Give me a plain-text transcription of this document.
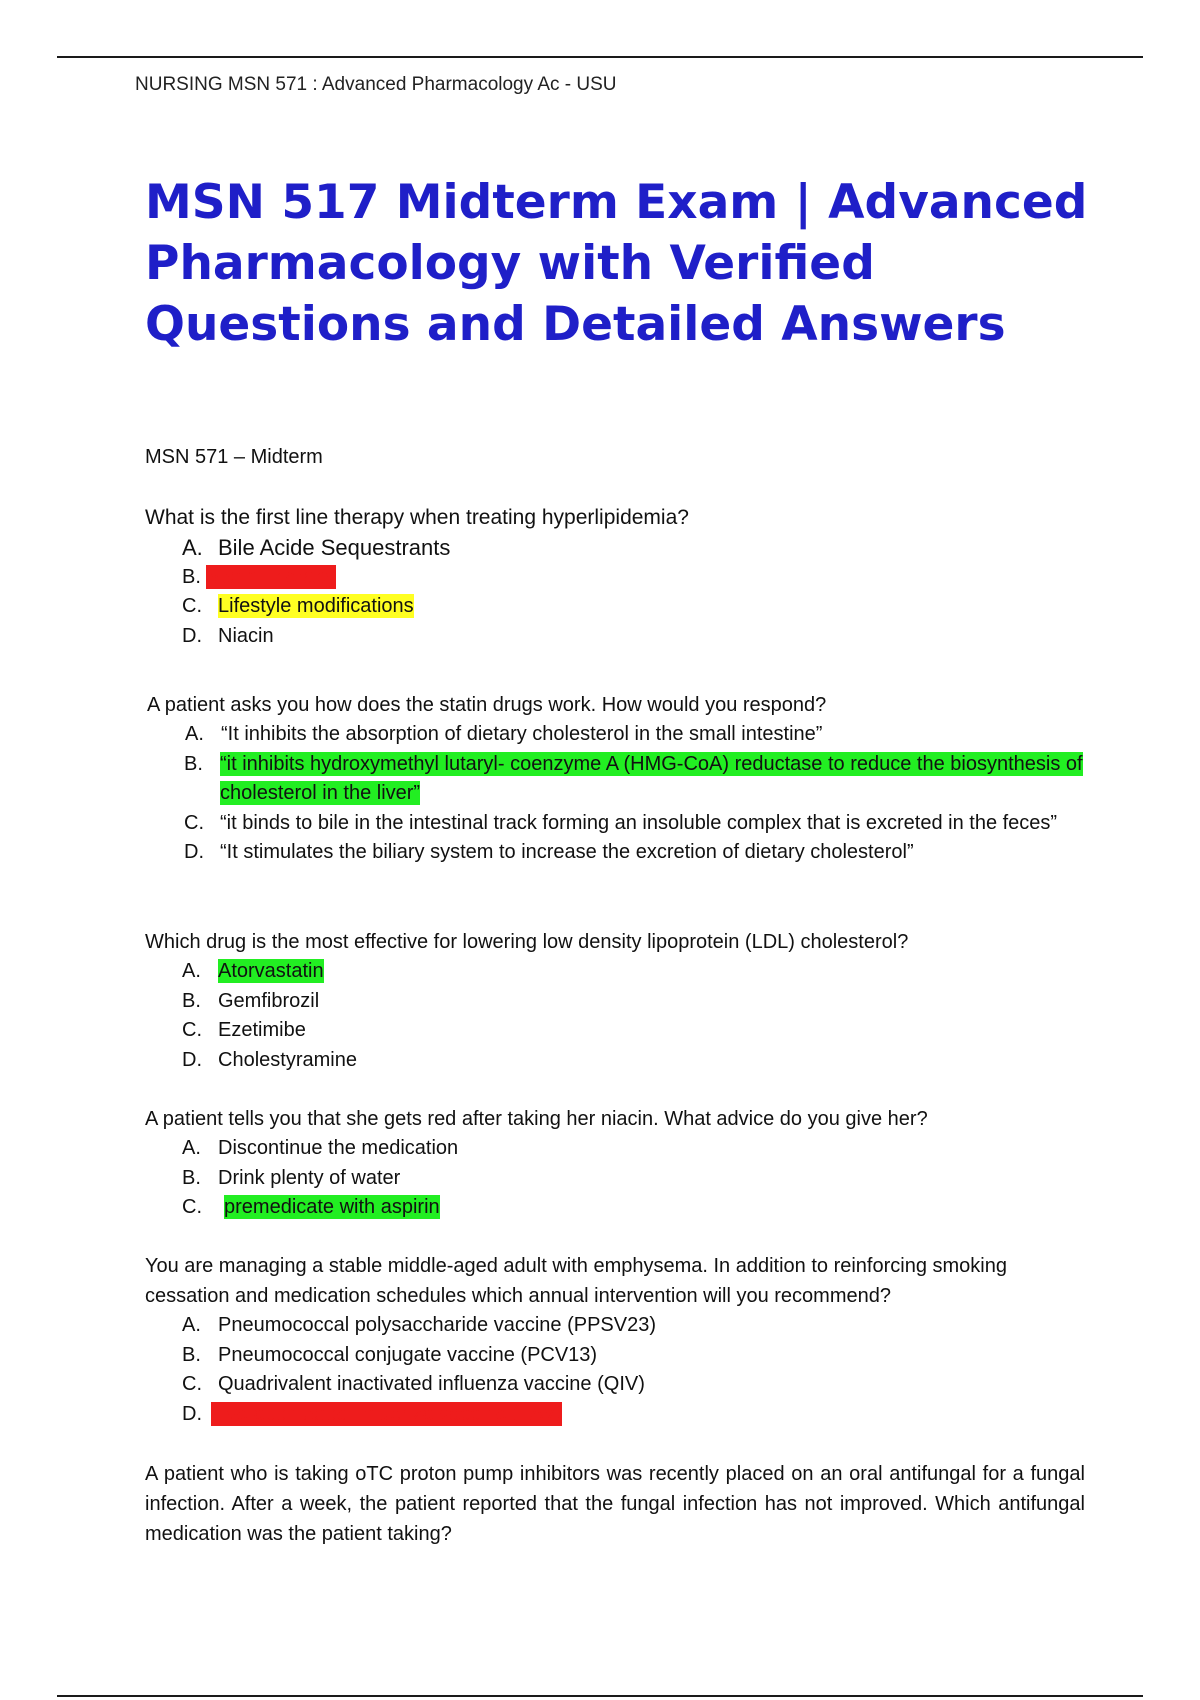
NURSING MSN 571 : Advanced Pharmacology Ac - USU
MSN 517 Midterm Exam | Advanced Pharmacology with Verified Questions and Detailed Answers
MSN 571 – Midterm

What is the first line therapy when treating hyperlipidemia?

A. Bile Acide Sequestrants
B. Statin Therapy
C. Lifestyle modifications
D. Niacin

A patient asks you how does the statin drugs work. How would you respond?

A. “It inhibits the absorption of dietary cholesterol in the small intestine”
B. “it inhibits hydroxymethyl lutaryl- coenzyme A (HMG-CoA) reductase to reduce the biosynthesis of cholesterol in the liver”
C. “it binds to bile in the intestinal track forming an insoluble complex that is excreted in the feces”
D. “It stimulates the biliary system to increase the excretion of dietary cholesterol”

Which drug is the most effective for lowering low density lipoprotein (LDL) cholesterol?

A. Atorvastatin
B. Gemfibrozil
C. Ezetimibe
D. Cholestyramine

A patient tells you that she gets red after taking her niacin. What advice do you give her?

A. Discontinue the medication
B. Drink plenty of water
C.	premedicate with aspirin

You are managing a stable middle-aged adult with emphysema. In addition to reinforcing smoking cessation and medication schedules which annual intervention will you recommend?

A. Pneumococcal polysaccharide vaccine (PPSV23)
B. Pneumococcal conjugate vaccine (PCV13)
C. Quadrivalent inactivated influenza vaccine (QIV)
D. Live attenuated influenza vaccine (LAV)

A patient who is taking oTC proton pump inhibitors was recently placed on an oral antifungal for a fungal infection. After a week, the patient reported that the fungal infection has not improved. Which antifungal medication was the patient taking?
